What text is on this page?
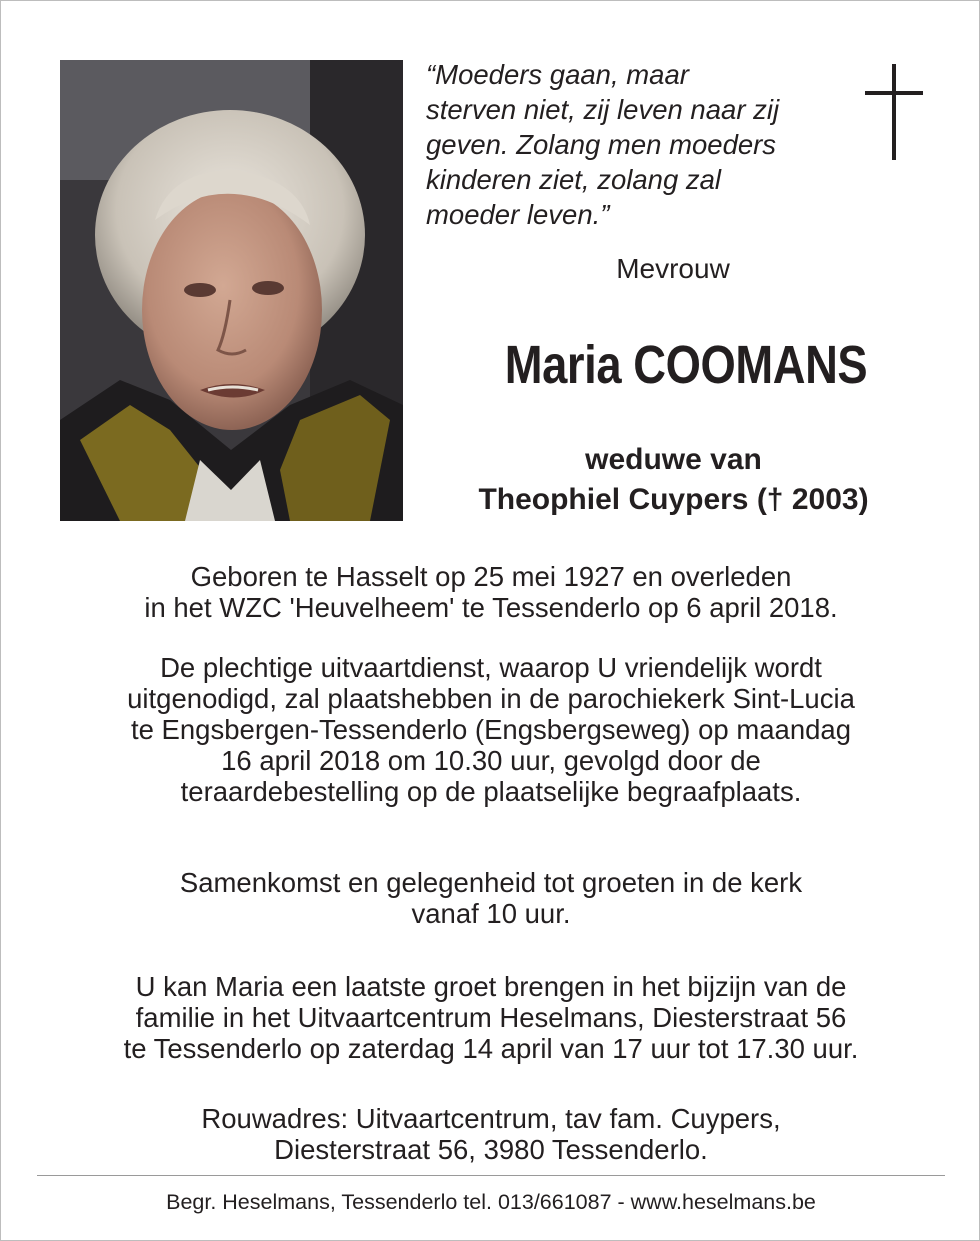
“Moeders gaan, maar
sterven niet, zij leven naar zij
geven. Zolang men moeders
kinderen ziet, zolang zal
moeder leven.”

Mevrouw
Maria COOMANS
weduwe van
Theophiel Cuypers († 2003)

Geboren te Hasselt op 25 mei 1927 en overleden
in het WZC 'Heuvelheem' te Tessenderlo op 6 april 2018.

De plechtige uitvaartdienst, waarop U vriendelijk wordt
uitgenodigd, zal plaatshebben in de parochiekerk Sint-Lucia
te Engsbergen-Tessenderlo (Engsbergseweg) op maandag
16 april 2018 om 10.30 uur, gevolgd door de
teraardebestelling op de plaatselijke begraafplaats.

Samenkomst en gelegenheid tot groeten in de kerk
vanaf 10 uur.

U kan Maria een laatste groet brengen in het bijzijn van de
familie in het Uitvaartcentrum Heselmans, Diesterstraat 56
te Tessenderlo op zaterdag 14 april van 17 uur tot 17.30 uur.

Rouwadres: Uitvaartcentrum, tav fam. Cuypers,
Diesterstraat 56, 3980 Tessenderlo.

Begr. Heselmans, Tessenderlo tel. 013/661087 - www.heselmans.be
